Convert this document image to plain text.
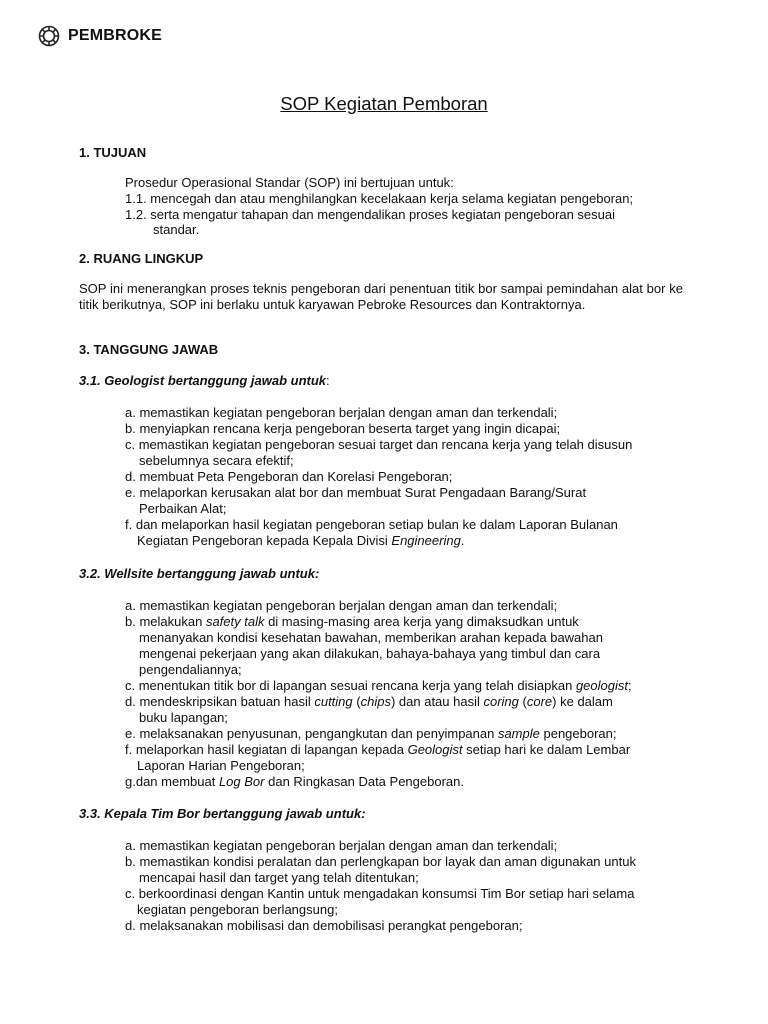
PEMBROKE
SOP Kegiatan Pemboran
1. TUJUAN
Prosedur Operasional Standar (SOP) ini bertujuan untuk:
1.1. mencegah dan atau menghilangkan kecelakaan kerja selama kegiatan pengeboran;
1.2. serta mengatur tahapan dan mengendalikan proses kegiatan pengeboran sesuai
standar.
2. RUANG LINGKUP
SOP ini menerangkan proses teknis pengeboran dari penentuan titik bor sampai pemindahan alat bor ke titik berikutnya, SOP ini berlaku untuk karyawan Pebroke Resources dan Kontraktornya.
3. TANGGUNG JAWAB
3.1. Geologist bertanggung jawab untuk:
a. memastikan kegiatan pengeboran berjalan dengan aman dan terkendali;
b. menyiapkan rencana kerja pengeboran beserta target yang ingin dicapai;
c. memastikan kegiatan pengeboran sesuai target dan rencana kerja yang telah disusun
sebelumnya secara efektif;
d. membuat Peta Pengeboran dan Korelasi Pengeboran;
e. melaporkan kerusakan alat bor dan membuat Surat Pengadaan Barang/Surat
Perbaikan Alat;
f. dan melaporkan hasil kegiatan pengeboran setiap bulan ke dalam Laporan Bulanan
Kegiatan Pengeboran kepada Kepala Divisi Engineering.
3.2. Wellsite bertanggung jawab untuk:
a. memastikan kegiatan pengeboran berjalan dengan aman dan terkendali;
b. melakukan safety talk di masing-masing area kerja yang dimaksudkan untuk
menanyakan kondisi kesehatan bawahan, memberikan arahan kepada bawahan
mengenai pekerjaan yang akan dilakukan, bahaya-bahaya yang timbul dan cara
pengendaliannya;
c. menentukan titik bor di lapangan sesuai rencana kerja yang telah disiapkan geologist;
d. mendeskripsikan batuan hasil cutting (chips) dan atau hasil coring (core) ke dalam
buku lapangan;
e. melaksanakan penyusunan, pengangkutan dan penyimpanan sample pengeboran;
f. melaporkan hasil kegiatan di lapangan kepada Geologist setiap hari ke dalam Lembar
Laporan Harian Pengeboran;
g.dan membuat Log Bor dan Ringkasan Data Pengeboran.
3.3. Kepala Tim Bor bertanggung jawab untuk:
a. memastikan kegiatan pengeboran berjalan dengan aman dan terkendali;
b. memastikan kondisi peralatan dan perlengkapan bor layak dan aman digunakan untuk
mencapai hasil dan target yang telah ditentukan;
c. berkoordinasi dengan Kantin untuk mengadakan konsumsi Tim Bor setiap hari selama
kegiatan pengeboran berlangsung;
d. melaksanakan mobilisasi dan demobilisasi perangkat pengeboran;
